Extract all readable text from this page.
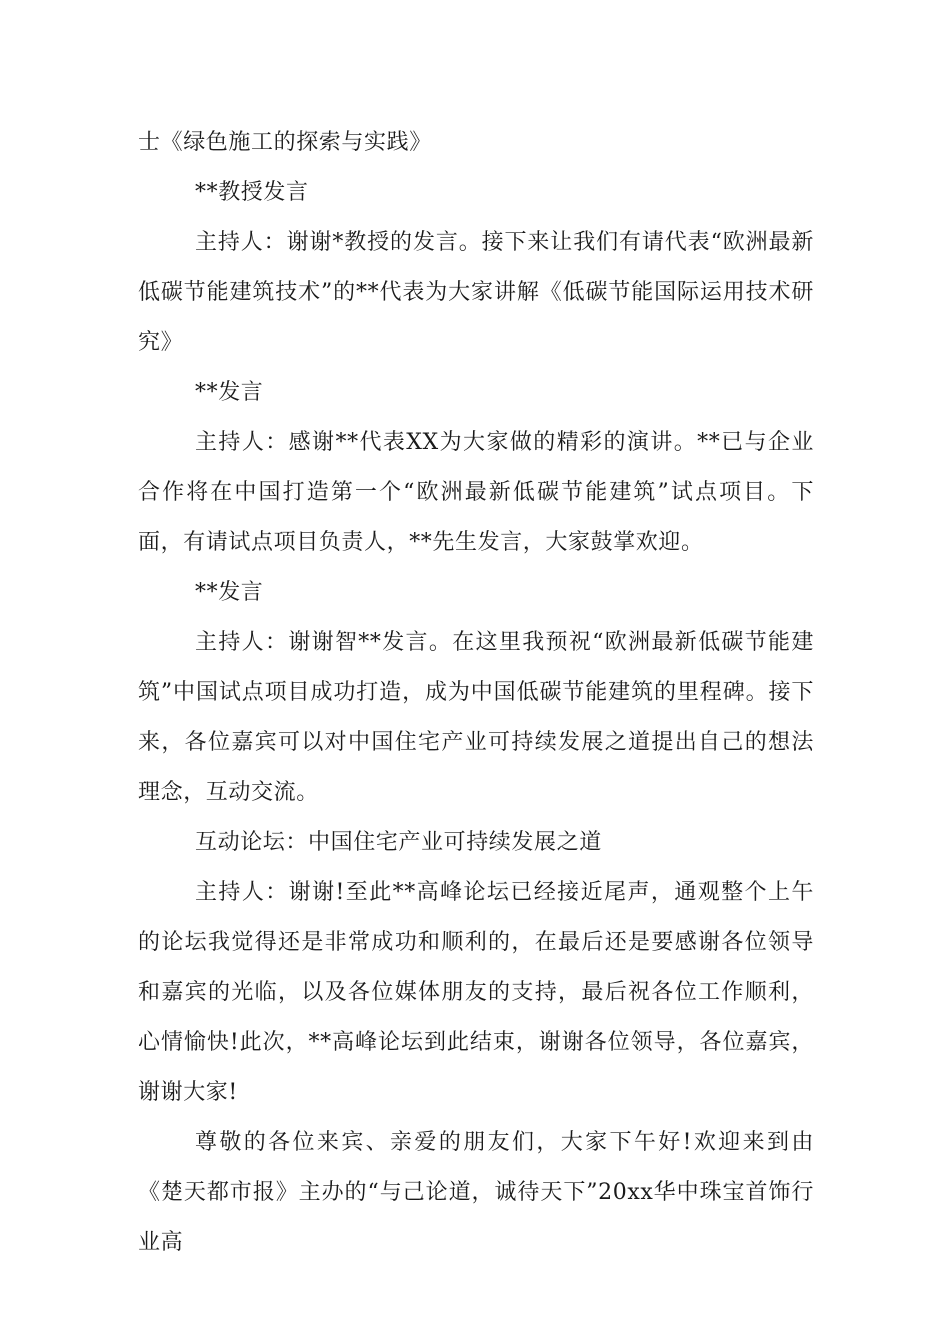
士《绿色施工的探索与实践》

**教授发言

主持人：谢谢*教授的发言。接下来让我们有请代表“欧洲最新低碳节能建筑技术”的**代表为大家讲解《低碳节能国际运用技术研究》

**发言

主持人：感谢**代表XX为大家做的精彩的演讲。**已与企业合作将在中国打造第一个“欧洲最新低碳节能建筑”试点项目。下面，有请试点项目负责人，**先生发言，大家鼓掌欢迎。

**发言

主持人：谢谢智**发言。在这里我预祝“欧洲最新低碳节能建筑”中国试点项目成功打造，成为中国低碳节能建筑的里程碑。接下来，各位嘉宾可以对中国住宅产业可持续发展之道提出自己的想法理念，互动交流。

互动论坛：中国住宅产业可持续发展之道

主持人：谢谢!至此**高峰论坛已经接近尾声，通观整个上午的论坛我觉得还是非常成功和顺利的，在最后还是要感谢各位领导和嘉宾的光临，以及各位媒体朋友的支持，最后祝各位工作顺利，心情愉快!此次，**高峰论坛到此结束，谢谢各位领导，各位嘉宾，谢谢大家!

尊敬的各位来宾、亲爱的朋友们，大家下午好!欢迎来到由《楚天都市报》主办的“与己论道，诚待天下”20xx华中珠宝首饰行业高
